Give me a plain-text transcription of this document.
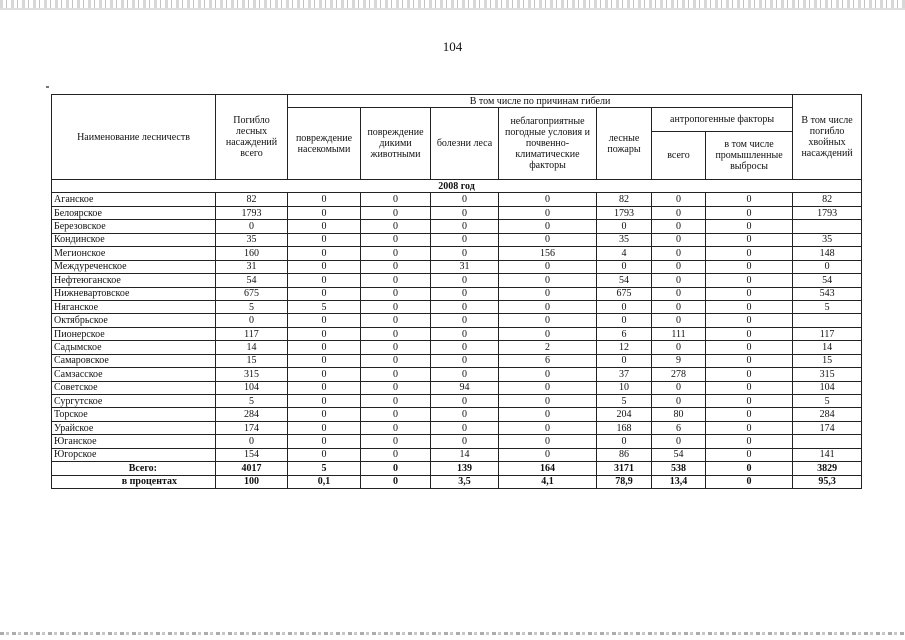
104
Наименование лесничеств	Погибло лесных насаждений всего	В том числе по причинам гибели							В том числе погибло хвойных насаждений
		повреждение насекомыми	повреждение дикими животными	болезни леса	неблагоприятные погодные условия и почвенно-климатические факторы	лесные пожары	антропогенные факторы		
							всего	в том числе промышленные выбросы	
2008 год									
Аганское	82	0	0	0	0	82	0	0	82
Белоярское	1793	0	0	0	0	1793	0	0	1793
Березовское	0	0	0	0	0	0	0	0	
Кондинское	35	0	0	0	0	35	0	0	35
Мегионское	160	0	0	0	156	4	0	0	148
Междуреченское	31	0	0	31	0	0	0	0	0
Нефтеюганское	54	0	0	0	0	54	0	0	54
Нижневартовское	675	0	0	0	0	675	0	0	543
Няганское	5	5	0	0	0	0	0	0	5
Октябрьское	0	0	0	0	0	0	0	0	
Пионерское	117	0	0	0	0	6	111	0	117
Садымское	14	0	0	0	2	12	0	0	14
Самаровское	15	0	0	0	6	0	9	0	15
Самзасское	315	0	0	0	0	37	278	0	315
Советское	104	0	0	94	0	10	0	0	104
Сургутское	5	0	0	0	0	5	0	0	5
Торское	284	0	0	0	0	204	80	0	284
Урайское	174	0	0	0	0	168	6	0	174
Юганское	0	0	0	0	0	0	0	0	
Югорское	154	0	0	14	0	86	54	0	141
Всего:	4017	5	0	139	164	3171	538	0	3829
в процентах	100	0,1	0	3,5	4,1	78,9	13,4	0	95,3
